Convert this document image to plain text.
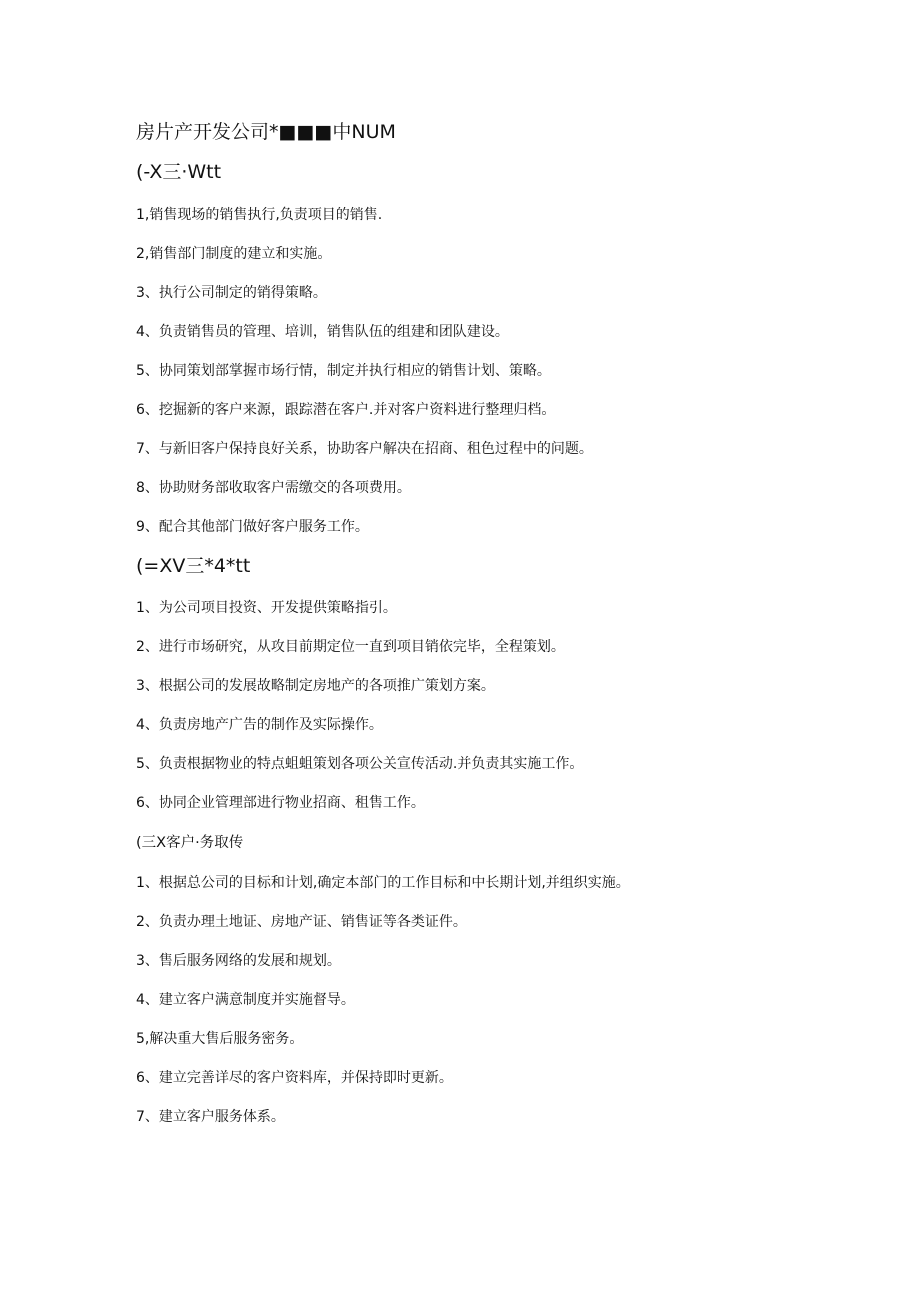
房片产开发公司*■■■中NUM
(-X三·Wtt
1,销售现场的销售执行,负责项目的销售.
2,销售部门制度的建立和实施。
3、执行公司制定的销得策略。
4、负责销售员的管理、培训，销售队伍的组建和团队建设。
5、协同策划部掌握市场行情，制定并执行相应的销售计划、策略。
6、挖掘新的客户来源，跟踪潜在客户.并对客户资料进行整理归档。
7、与新旧客户保持良好关系，协助客户解决在招商、租色过程中的问题。
8、协助财务部收取客户需缴交的各项费用。
9、配合其他部门做好客户服务工作。
(=XV三*4*tt
1、为公司项目投资、开发提供策略指引。
2、进行市场研究，从攻目前期定位一直到项目销依完毕，全程策划。
3、根据公司的发展故略制定房地产的各项推广策划方案。
4、负责房地产广告的制作及实际操作。
5、负责根据物业的特点蛆蛆策划各项公关宣传活动.并负责其实施工作。
6、协同企业管理部进行物业招商、租售工作。
(三X客户·务取传
1、根据总公司的目标和计划,确定本部门的工作目标和中长期计划,并组织实施。
2、负责办理土地证、房地产证、销售证等各类证件。
3、售后服务网络的发展和规划。
4、建立客户满意制度并实施督导。
5,解决重大售后服务密务。
6、建立完善详尽的客户资料库，并保持即时更新。
7、建立客户服务体系。
